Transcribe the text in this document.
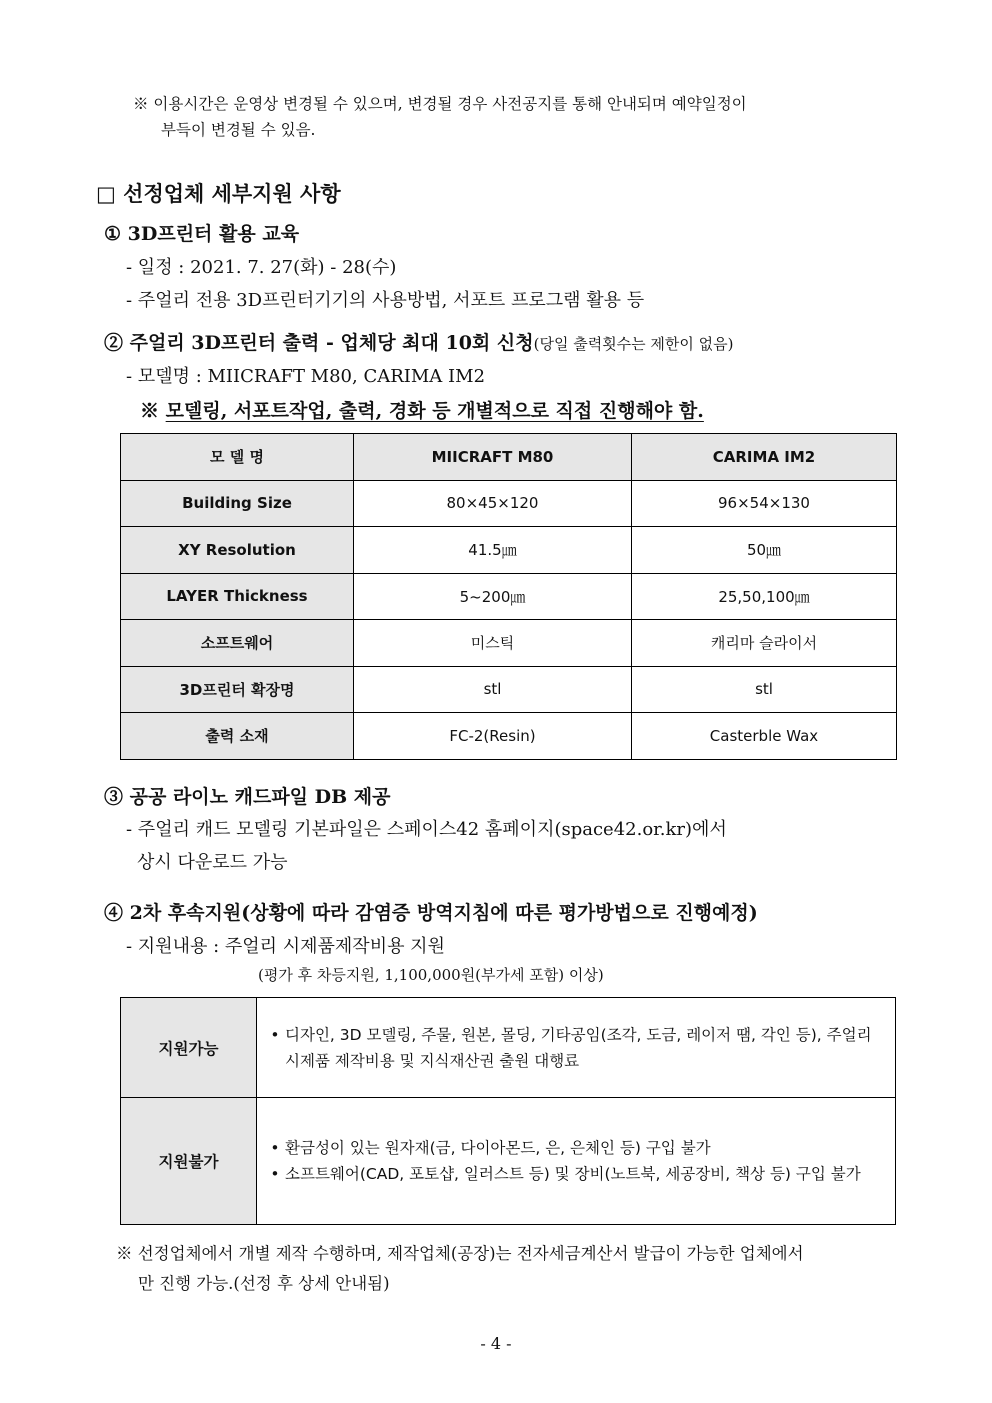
※ 이용시간은 운영상 변경될 수 있으며, 변경될 경우 사전공지를 통해 안내되며 예약일정이
부득이 변경될 수 있음.
□ 선정업체 세부지원 사항
① 3D프린터 활용 교육
- 일정 : 2021. 7. 27(화) - 28(수)
- 주얼리 전용 3D프린터기기의 사용방법, 서포트 프로그램 활용 등
② 주얼리 3D프린터 출력 - 업체당 최대 10회 신청(당일 출력횟수는 제한이 없음)
- 모델명 : MIICRAFT M80, CARIMA IM2
※ 모델링, 서포트작업, 출력, 경화 등 개별적으로 직접 진행해야 함.
모 델 명	MIICRAFT M80	CARIMA IM2
Building Size	80×45×120	96×54×130
XY Resolution	41.5㎛	50㎛
LAYER Thickness	5~200㎛	25,50,100㎛
소프트웨어	미스틱	캐리마 슬라이서
3D프린터 확장명	stl	stl
출력 소재	FC-2(Resin)	Casterble Wax
③ 공공 라이노 캐드파일 DB 제공
- 주얼리 캐드 모델링 기본파일은 스페이스42 홈페이지(space42.or.kr)에서
상시 다운로드 가능
④ 2차 후속지원(상황에 따라 감염증 방역지침에 따른 평가방법으로 진행예정)
- 지원내용 : 주얼리 시제품제작비용 지원
(평가 후 차등지원, 1,100,000원(부가세 포함) 이상)
지원가능	• 디자인, 3D 모델링, 주물, 원본, 몰딩, 기타공임(조각, 도금, 레이저 땜, 각인 등), 주얼리 시제품 제작비용 및 지식재산권 출원 대행료

지원불가	• 환금성이 있는 원자재(금, 다이아몬드, 은, 은체인 등) 구입 불가
• 소프트웨어(CAD, 포토샵, 일러스트 등) 및 장비(노트북, 세공장비, 책상 등) 구입 불가
※ 선정업체에서 개별 제작 수행하며, 제작업체(공장)는 전자세금계산서 발급이 가능한 업체에서
만 진행 가능.(선정 후 상세 안내됨)
- 4 -
